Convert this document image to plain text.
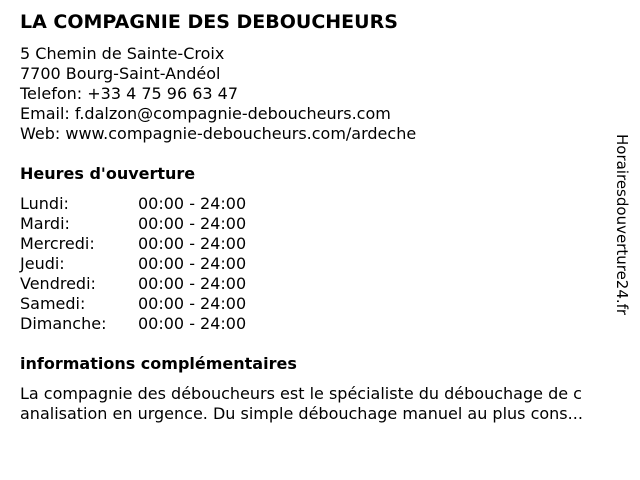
LA COMPAGNIE DES DEBOUCHEURS
5 Chemin de Sainte-Croix
7700 Bourg-Saint-Andéol
Telefon: +33 4 75 96 63 47
Email: f.dalzon@compagnie-deboucheurs.com
Web: www.compagnie-deboucheurs.com/ardeche
Heures d'ouverture
Lundi:	00:00 - 24:00
Mardi:	00:00 - 24:00
Mercredi:	00:00 - 24:00
Jeudi:	00:00 - 24:00
Vendredi:	00:00 - 24:00
Samedi:	00:00 - 24:00
Dimanche:	00:00 - 24:00
informations complémentaires
La compagnie des déboucheurs est le spécialiste du débouchage de c
analisation en urgence. Du simple débouchage manuel au plus cons...
Horairesdouverture24.fr
